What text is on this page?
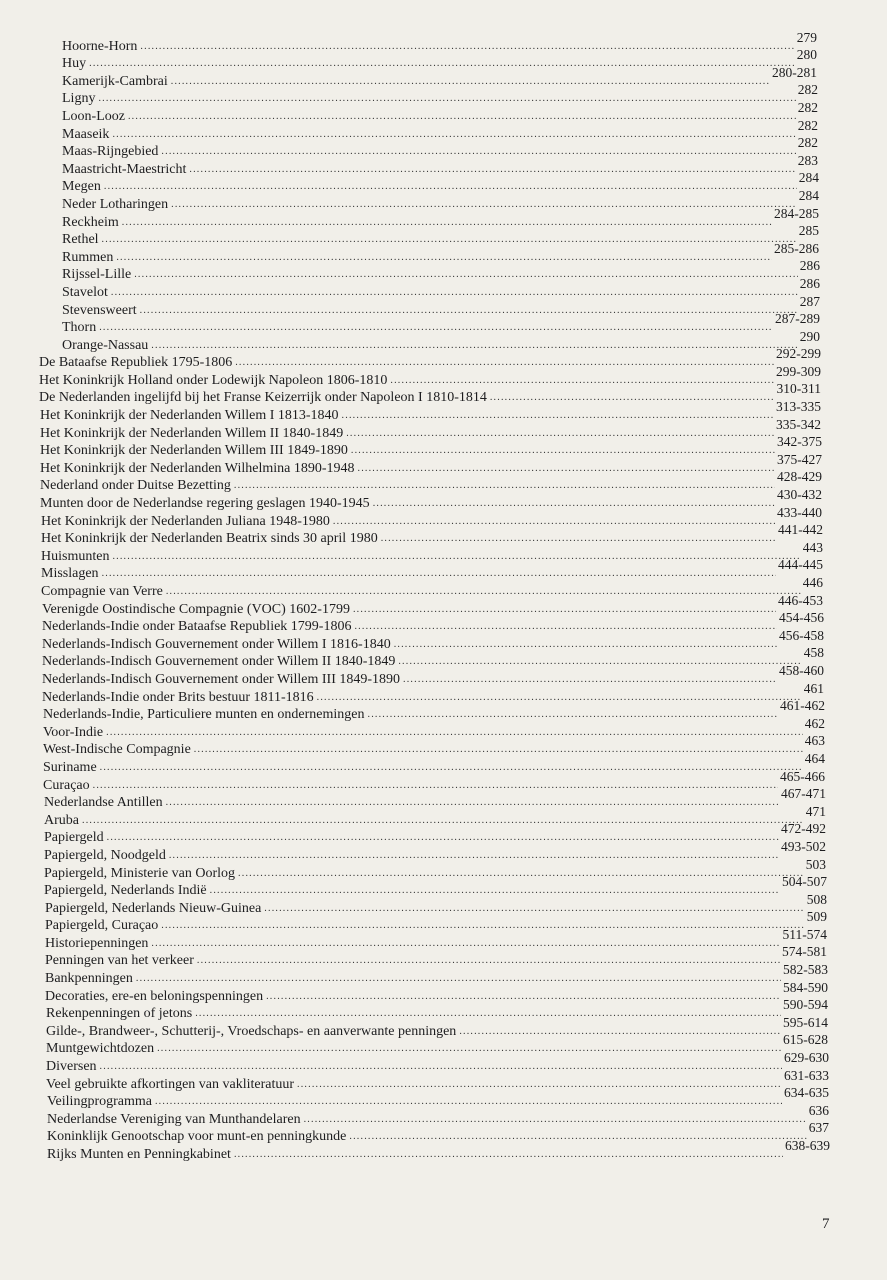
Hoorne-Horn
.....
279
Huy
.....
280
Kamerijk-Cambrai
.....
280-281
Ligny
.....
282
Loon-Looz
.....
282
Maaseik
.....
282
Maas-Rijngebied
.....
282
Maastricht-Maestricht
.....
283
Megen
.....
284
Neder Lotharingen
.....
284
Reckheim
.....
284-285
Rethel
.....
285
Rummen
.....
285-286
Rijssel-Lille
.....
286
Stavelot
.....
286
Stevensweert
.....
287
Thorn
.....
287-289
Orange-Nassau
.....
290
De Bataafse Republiek 1795-1806
.....
292-299
Het Koninkrijk Holland onder Lodewijk Napoleon 1806-1810
.....
299-309
De Nederlanden ingelijfd bij het Franse Keizerrijk onder Napoleon I 1810-1814
.....
310-311
Het Koninkrijk der Nederlanden Willem I 1813-1840
.....
313-335
Het Koninkrijk der Nederlanden Willem II 1840-1849
.....
335-342
Het Koninkrijk der Nederlanden Willem III 1849-1890
.....
342-375
Het Koninkrijk der Nederlanden Wilhelmina 1890-1948
.....
375-427
Nederland onder Duitse Bezetting
.....
428-429
Munten door de Nederlandse regering geslagen 1940-1945
.....
430-432
Het Koninkrijk der Nederlanden Juliana 1948-1980
.....
433-440
Het Koninkrijk der Nederlanden Beatrix sinds 30 april 1980
.....
441-442
Huismunten
.....
443
Misslagen
.....
444-445
Compagnie van Verre
.....
446
Verenigde Oostindische Compagnie (VOC) 1602-1799
.....
446-453
Nederlands-Indie onder Bataafse Republiek 1799-1806
.....
454-456
Nederlands-Indisch Gouvernement onder Willem I 1816-1840
.....
456-458
Nederlands-Indisch Gouvernement onder Willem II 1840-1849
.....
458
Nederlands-Indisch Gouvernement onder Willem III 1849-1890
.....
458-460
Nederlands-Indie onder Brits bestuur 1811-1816
.....
461
Nederlands-Indie, Particuliere munten en ondernemingen
.....
461-462
Voor-Indie
.....
462
West-Indische Compagnie
.....
463
Suriname
.....
464
Curaçao
.....
465-466
Nederlandse Antillen
.....
467-471
Aruba
.....
471
Papiergeld
.....
472-492
Papiergeld, Noodgeld
.....
493-502
Papiergeld, Ministerie van Oorlog
.....
503
Papiergeld, Nederlands Indië
.....
504-507
Papiergeld, Nederlands Nieuw-Guinea
.....
508
Papiergeld, Curaçao
.....
509
Historiepenningen
.....
511-574
Penningen van het verkeer
.....
574-581
Bankpenningen
.....
582-583
Decoraties, ere-en beloningspenningen
.....
584-590
Rekenpenningen of jetons
.....
590-594
Gilde-, Brandweer-, Schutterij-, Vroedschaps- en aanverwante penningen
.....
595-614
Muntgewichtdozen
.....
615-628
Diversen
.....
629-630
Veel gebruikte afkortingen van vakliteratuur
.....
631-633
Veilingprogramma
.....
634-635
Nederlandse Vereniging van Munthandelaren
.....
636
Koninklijk Genootschap voor munt-en penningkunde
.....
637
Rijks Munten en Penningkabinet
.....
638-639
7
